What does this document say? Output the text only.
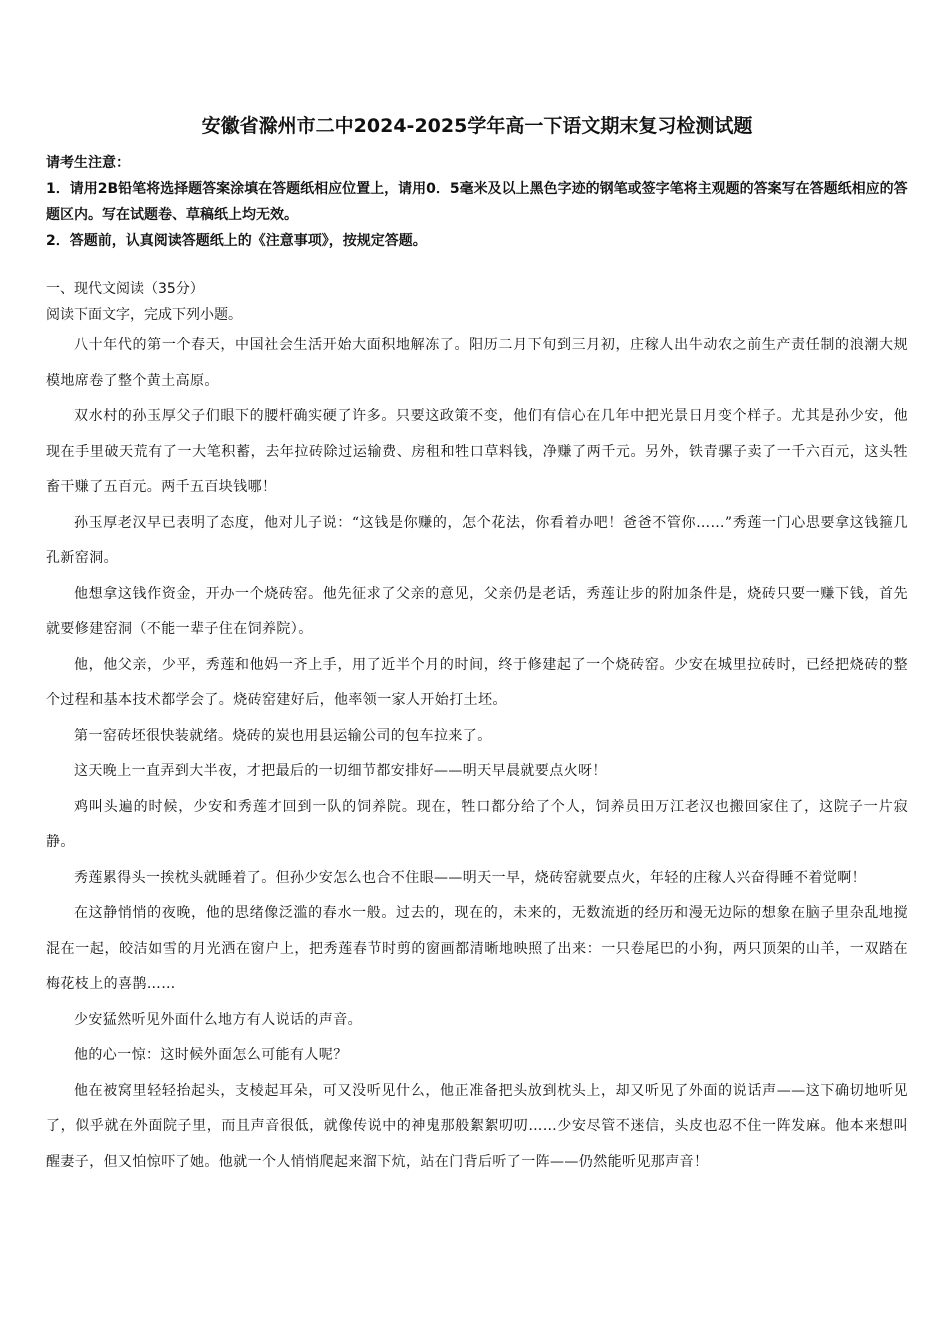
安徽省滁州市二中2024-2025学年高一下语文期末复习检测试题

请考生注意：

1．请用2B铅笔将选择题答案涂填在答题纸相应位置上，请用0．5毫米及以上黑色字迹的钢笔或签字笔将主观题的答案写在答题纸相应的答题区内。写在试题卷、草稿纸上均无效。

2．答题前，认真阅读答题纸上的《注意事项》，按规定答题。

一、现代文阅读（35分）

阅读下面文字，完成下列小题。

八十年代的第一个春天，中国社会生活开始大面积地解冻了。阳历二月下旬到三月初，庄稼人出牛动农之前生产责任制的浪潮大规模地席卷了整个黄土高原。

双水村的孙玉厚父子们眼下的腰杆确实硬了许多。只要这政策不变，他们有信心在几年中把光景日月变个样子。尤其是孙少安，他现在手里破天荒有了一大笔积蓄，去年拉砖除过运输费、房租和牲口草料钱，净赚了两千元。另外，铁青骡子卖了一千六百元，这头牲畜干赚了五百元。两千五百块钱哪！

孙玉厚老汉早已表明了态度，他对儿子说：“这钱是你赚的，怎个花法，你看着办吧！爸爸不管你……”秀莲一门心思要拿这钱箍几孔新窑洞。

他想拿这钱作资金，开办一个烧砖窑。他先征求了父亲的意见，父亲仍是老话，秀莲让步的附加条件是，烧砖只要一赚下钱，首先就要修建窑洞（不能一辈子住在饲养院）。

他，他父亲，少平，秀莲和他妈一齐上手，用了近半个月的时间，终于修建起了一个烧砖窑。少安在城里拉砖时，已经把烧砖的整个过程和基本技术都学会了。烧砖窑建好后，他率领一家人开始打土坯。

第一窑砖坯很快装就绪。烧砖的炭也用县运输公司的包车拉来了。

这天晚上一直弄到大半夜，才把最后的一切细节都安排好——明天早晨就要点火呀！

鸡叫头遍的时候，少安和秀莲才回到一队的饲养院。现在，牲口都分给了个人，饲养员田万江老汉也搬回家住了，这院子一片寂静。

秀莲累得头一挨枕头就睡着了。但孙少安怎么也合不住眼——明天一早，烧砖窑就要点火，年轻的庄稼人兴奋得睡不着觉啊！

在这静悄悄的夜晚，他的思绪像泛滥的春水一般。过去的，现在的，未来的，无数流逝的经历和漫无边际的想象在脑子里杂乱地搅混在一起，皎洁如雪的月光洒在窗户上，把秀莲春节时剪的窗画都清晰地映照了出来：一只卷尾巴的小狗，两只顶架的山羊，一双踏在梅花枝上的喜鹊……

少安猛然听见外面什么地方有人说话的声音。

他的心一惊：这时候外面怎么可能有人呢？

他在被窝里轻轻抬起头，支棱起耳朵，可又没听见什么，他正准备把头放到枕头上，却又听见了外面的说话声——这下确切地听见了，似乎就在外面院子里，而且声音很低，就像传说中的神鬼那般絮絮叨叨……少安尽管不迷信，头皮也忍不住一阵发麻。他本来想叫醒妻子，但又怕惊吓了她。他就一个人悄悄爬起来溜下炕，站在门背后听了一阵——仍然能听见那声音！
